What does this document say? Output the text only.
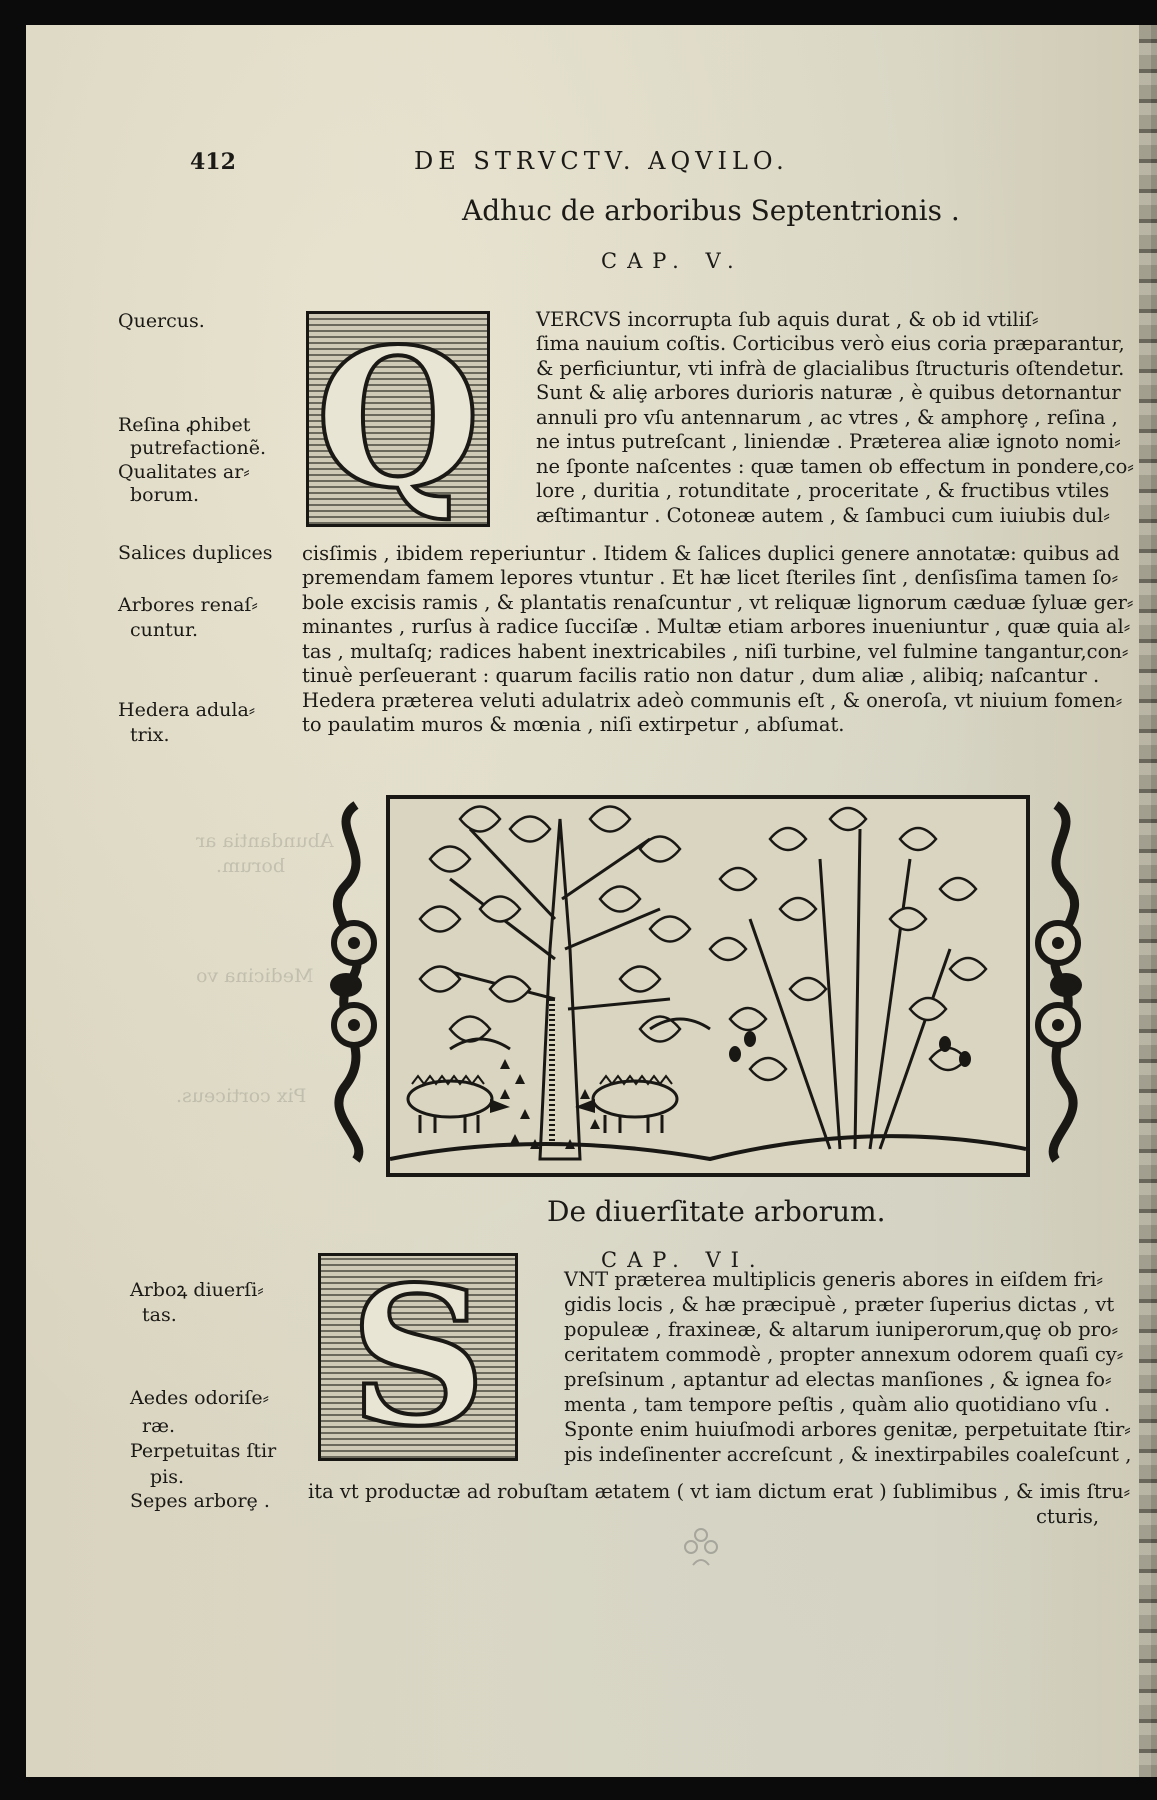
Abundantia ar
borum.
Medicina vo
Pix corticeus.
412	DE STRVCTV. AQVILO.
Adhuc de arboribus Septentrionis .
CAP. V.
Q
Quercus.
Reſina ꝓhibet
putrefactionẽ.
Qualitates ar⸗
borum.
Salices duplices
Arbores renaſ⸗
cuntur.
Hedera adula⸗
trix.
VERCVS incorrupta ſub aquis durat , & ob id vtiliſ⸗
ſima nauium coſtis. Corticibus verò eius coria præparantur,
& perficiuntur, vti infrà de glacialibus ſtructuris oſtendetur.
Sunt & aliȩ arbores durioris naturæ , è quibus detornantur
annuli pro vſu antennarum , ac vtres , & amphorȩ , reſina ,
ne intus putreſcant , liniendæ . Præterea aliæ ignoto nomi⸗
ne ſponte naſcentes : quæ tamen ob effectum in pondere,co⸗
lore , duritia , rotunditate , proceritate , & fructibus vtiles
æſtimantur . Cotoneæ autem , & ſambuci cum iuiubis dul⸗
cisſimis , ibidem reperiuntur . Itidem & ſalices duplici genere annotatæ: quibus ad
premendam famem lepores vtuntur . Et hæ licet ſteriles ſint , denſisſima tamen ſo⸗
bole excisis ramis , & plantatis renaſcuntur , vt reliquæ lignorum cæduæ ſyluæ ger⸗
minantes , rurſus à radice ſucciſæ . Multæ etiam arbores inueniuntur , quæ quia al⸗
tas , multaſq; radices habent inextricabiles , niſi turbine, vel fulmine tangantur,con⸗
tinuè perſeuerant : quarum facilis ratio non datur , dum aliæ , alibiq; naſcantur .
Hedera præterea veluti adulatrix adeò communis eſt , & oneroſa, vt niuium fomen⸗
to paulatim muros & mœnia , niſi extirpetur , abſumat.
De diuerſitate arborum.
CAP. VI.
S
Arboꝝ diuerſi⸗
tas.
Aedes odoriſe⸗
ræ.
Perpetuitas ſtir
pis.
Sepes arborȩ .
VNT præterea multiplicis generis abores in eiſdem fri⸗
gidis locis , & hæ præcipuè , præter ſuperius dictas , vt
populeæ , fraxineæ, & altarum iuniperorum,quȩ ob pro⸗
ceritatem commodè , propter annexum odorem quaſi cy⸗
preſsinum , aptantur ad electas manſiones , & ignea fo⸗
menta , tam tempore peſtis , quàm alio quotidiano vſu .
Sponte enim huiuſmodi arbores genitæ, perpetuitate ſtir⸗
pis indeſinenter accreſcunt , & inextirpabiles coaleſcunt ,
ita vt productæ ad robuſtam ætatem ( vt iam dictum erat ) ſublimibus , & imis ſtru⸗
cturis,
